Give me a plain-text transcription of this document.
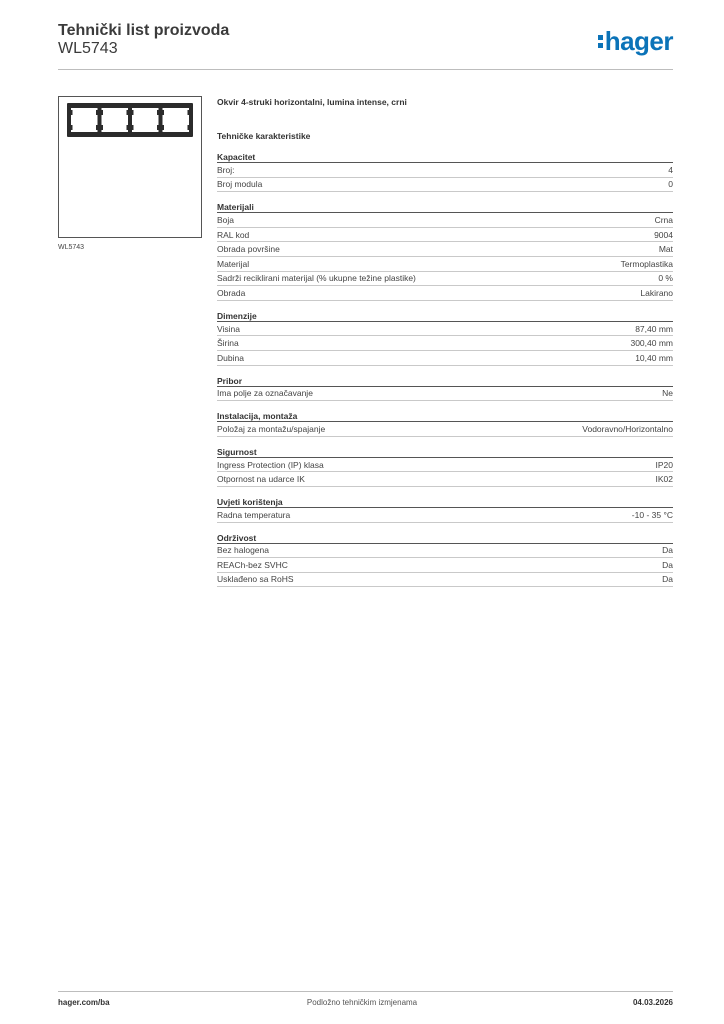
Tehnički list proizvoda
WL5743	hager
WL5743
Okvir 4-struki horizontalni, lumina intense, crni
Tehničke karakteristike
Kapacitet
Broj:	4
Broj modula	0
Materijali
Boja	Crna
RAL kod	9004
Obrada površine	Mat
Materijal	Termoplastika
Sadrži reciklirani materijal (% ukupne težine plastike)	0 %
Obrada	Lakirano
Dimenzije
Visina	87,40 mm
Širina	300,40 mm
Dubina	10,40 mm
Pribor
Ima polje za označavanje	Ne
Instalacija, montaža
Položaj za montažu/spajanje	Vodoravno/Horizontalno
Sigurnost
Ingress Protection (IP) klasa	IP20
Otpornost na udarce IK	IK02
Uvjeti korištenja
Radna temperatura	-10 - 35 °C
Održivost
Bez halogena	Da
REACh-bez SVHC	Da
Usklađeno sa RoHS	Da
hager.com/ba	Podložno tehničkim izmjenama	04.03.2026
